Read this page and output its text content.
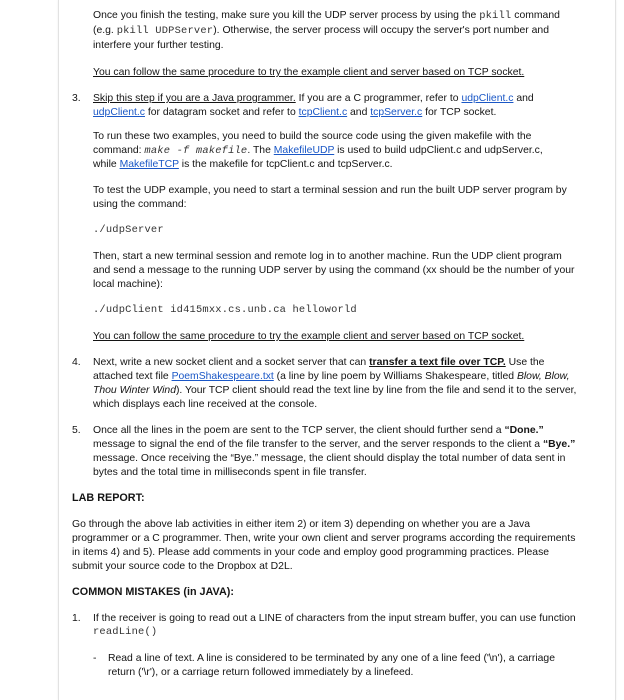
Once you finish the testing, make sure you kill the UDP server process by using the pkill command

(e.g. pkill UDPServer). Otherwise, the server process will occupy the server's port number and

interfere your further testing.

You can follow the same procedure to try the example client and server based on TCP socket.

3. Skip this step if you are a Java programmer. If you are a C programmer, refer to udpClient.c and

udpClient.c for datagram socket and refer to tcpClient.c and tcpServer.c for TCP socket.

To run these two examples, you need to build the source code using the given makefile with the

command: make -f makefile. The MakefileUDP is used to build udpClient.c and udpServer.c,

while MakefileTCP is the makefile for tcpClient.c and tcpServer.c.

To test the UDP example, you need to start a terminal session and run the built UDP server program by

using the command:

./udpServer

Then, start a new terminal session and remote log in to another machine. Run the UDP client program

and send a message to the running UDP server by using the command (xx should be the number of your

local machine):

./udpClient id415mxx.cs.unb.ca helloworld

You can follow the same procedure to try the example client and server based on TCP socket.

4. Next, write a new socket client and a socket server that can transfer a text file over TCP. Use the

attached text file PoemShakespeare.txt (a line by line poem by Williams Shakespeare, titled Blow, Blow,

Thou Winter Wind). Your TCP client should read the text line by line from the file and send it to the server,

which displays each line received at the console.

5. Once all the lines in the poem are sent to the TCP server, the client should further send a “Done.”

message to signal the end of the file transfer to the server, and the server responds to the client a “Bye.”

message. Once receiving the “Bye.” message, the client should display the total number of data sent in

bytes and the total time in milliseconds spent in file transfer.

LAB REPORT:

Go through the above lab activities in either item 2) or item 3) depending on whether you are a Java

programmer or a C programmer. Then, write your own client and server programs according the requirements

in items 4) and 5). Please add comments in your code and employ good programming practices. Please

submit your source code to the Dropbox at D2L.

COMMON MISTAKES (in JAVA):

1. If the receiver is going to read out a LINE of characters from the input stream buffer, you can use function

readLine()

- Read a line of text. A line is considered to be terminated by any one of a line feed ('\n'), a carriage

return ('\r'), or a carriage return followed immediately by a linefeed.
